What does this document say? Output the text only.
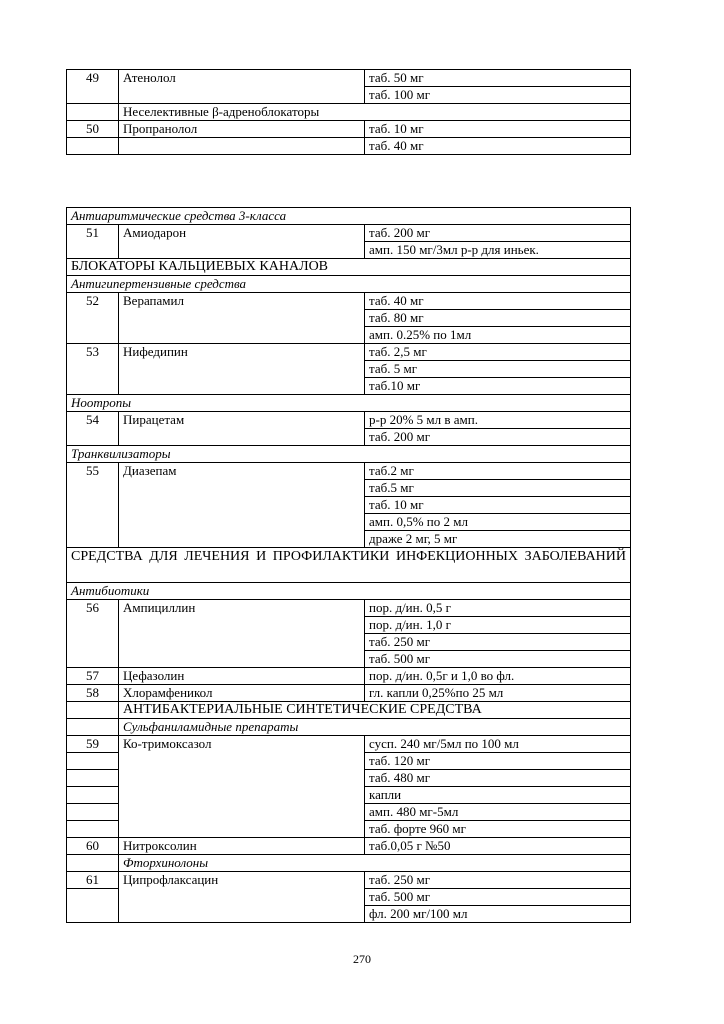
49	Атенолол	таб. 50 мг
		таб. 100 мг
	Неселективные β-адреноблокаторы	
50	Пропранолол	таб. 10 мг
		таб. 40 мг
Антиаритмические средства 3-класса		
51	Амиодарон	таб. 200 мг
		амп. 150 мг/3мл р-р для иньек.
БЛОКАТОРЫ КАЛЬЦИЕВЫХ КАНАЛОВ		
Антигипертензивные средства		
52	Верапамил	таб. 40 мг
		таб. 80 мг
		амп. 0.25% по 1мл
53	Нифедипин	таб. 2,5 мг
		таб. 5 мг
		таб.10 мг
Ноотропы		
54	Пирацетам	р-р 20% 5 мл в амп.
		таб. 200 мг
Транквилизаторы		
55	Диазепам	таб.2 мг
		таб.5 мг
		таб. 10 мг
		амп. 0,5% по 2 мл
		драже 2 мг, 5 мг
СРЕДСТВА ДЛЯ ЛЕЧЕНИЯ И ПРОФИЛАКТИКИ ИНФЕКЦИОННЫХ ЗАБОЛЕВАНИЙ		
Антибиотики		
56	Ампициллин	пор. д/ин. 0,5 г
		пор. д/ин. 1,0 г
		таб. 250 мг
		таб. 500 мг
57	Цефазолин	пор. д/ин. 0,5г и 1,0 во фл.
58	Хлорамфеникол	гл. капли 0,25%по 25 мл
	АНТИБАКТЕРИАЛЬНЫЕ СИНТЕТИЧЕСКИЕ СРЕДСТВА	
	Сульфаниламидные препараты	
59	Ко-тримоксазол	сусп. 240 мг/5мл по 100 мл
		таб. 120 мг
		таб. 480 мг
		капли
		амп. 480 мг-5мл
		таб. форте 960 мг
60	Нитроксолин	таб.0,05 г №50
	Фторхинолоны	
61	Ципрофлаксацин	таб. 250 мг
		таб. 500 мг
		фл. 200 мг/100 мл
270
